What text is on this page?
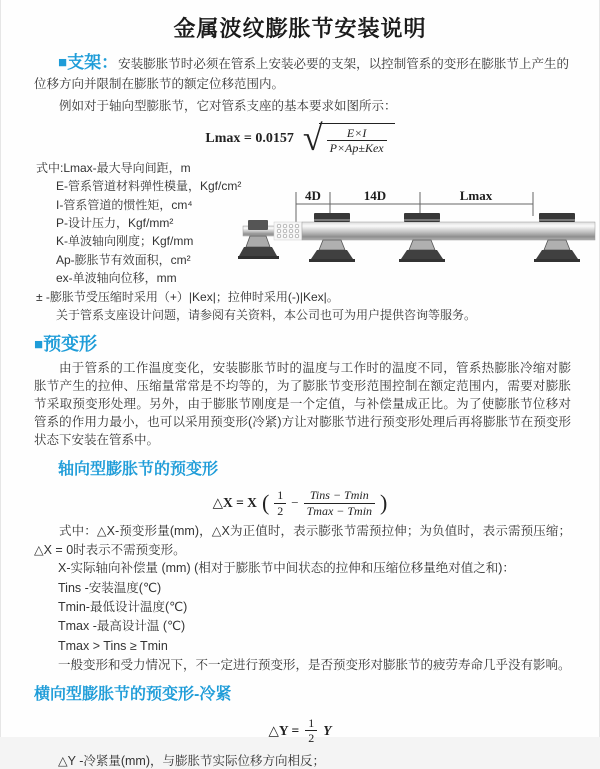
金属波纹膨胀节安装说明
■支架：安装膨胀节时必须在管系上安装必要的支架，以控制管系的变形在膨胀节上产生的位移方向并限制在膨胀节的额定位移范围内。
例如对于轴向型膨胀节，它对管系支座的基本要求如图所示：
Lmax = 0.0157 √ $\frac{E\times I}{\text{P×Ap±Kex}}$
式中:Lmax-最大导向间距，m
E-管系管道材料弹性模量，Kgf/cm²
I-管系管道的惯性矩，cm⁴
P-设计压力，Kgf/mm²
K-单波轴向刚度；Kgf/mm
Ap-膨胀节有效面积，cm²
ex-单波轴向位移，mm
± -膨胀节受压缩时采用（+）|Kex|；拉伸时采用(-)|Kex|。
关于管系支座设计问题，请参阅有关资料，本公司也可为用户提供咨询等服务。
4D	14D	Lmax
■预变形
由于管系的工作温度变化，安装膨胀节时的温度与工作时的温度不同，管系热膨胀冷缩对膨胀节产生的拉伸、压缩量常常是不均等的，为了膨胀节变形范围控制在额定范围内，需要对膨胀节采取预变形处理。另外，由于膨胀节刚度是一个定值，与补偿量成正比。为了使膨胀节位移对管系的作用力最小，也可以采用预变形(冷紧)方让对膨胀节进行预变形处理后再将膨胀节在预变形状态下安装在管系中。
轴向型膨胀节的预变形
△X = X ( $\frac{1}{2} - \frac{\text{Tins − Tmin}}{Tmax - Tmin}$ )
式中：△X-预变形量(mm)，△X为正值时，表示膨张节需预拉伸；为负值时，表示需预压缩；△X = 0时表示不需预变形。
X-实际轴向补偿量 (mm) (相对于膨胀节中间状态的拉伸和压缩位移量绝对值之和)：
Tins -安装温度(℃)
Tmin-最低设计温度(℃)
Tmax -最高设计温 (℃)
Tmax > Tins ≥ Tmin
一般变形和受力情况下，不一定进行预变形，是否预变形对膨胀节的疲劳寿命几乎没有影响。
横向型膨胀节的预变形-冷紧
△Y = $\frac{1}{2}$ Y
△Y -冷紧量(mm)，与膨胀节实际位移方向相反；
